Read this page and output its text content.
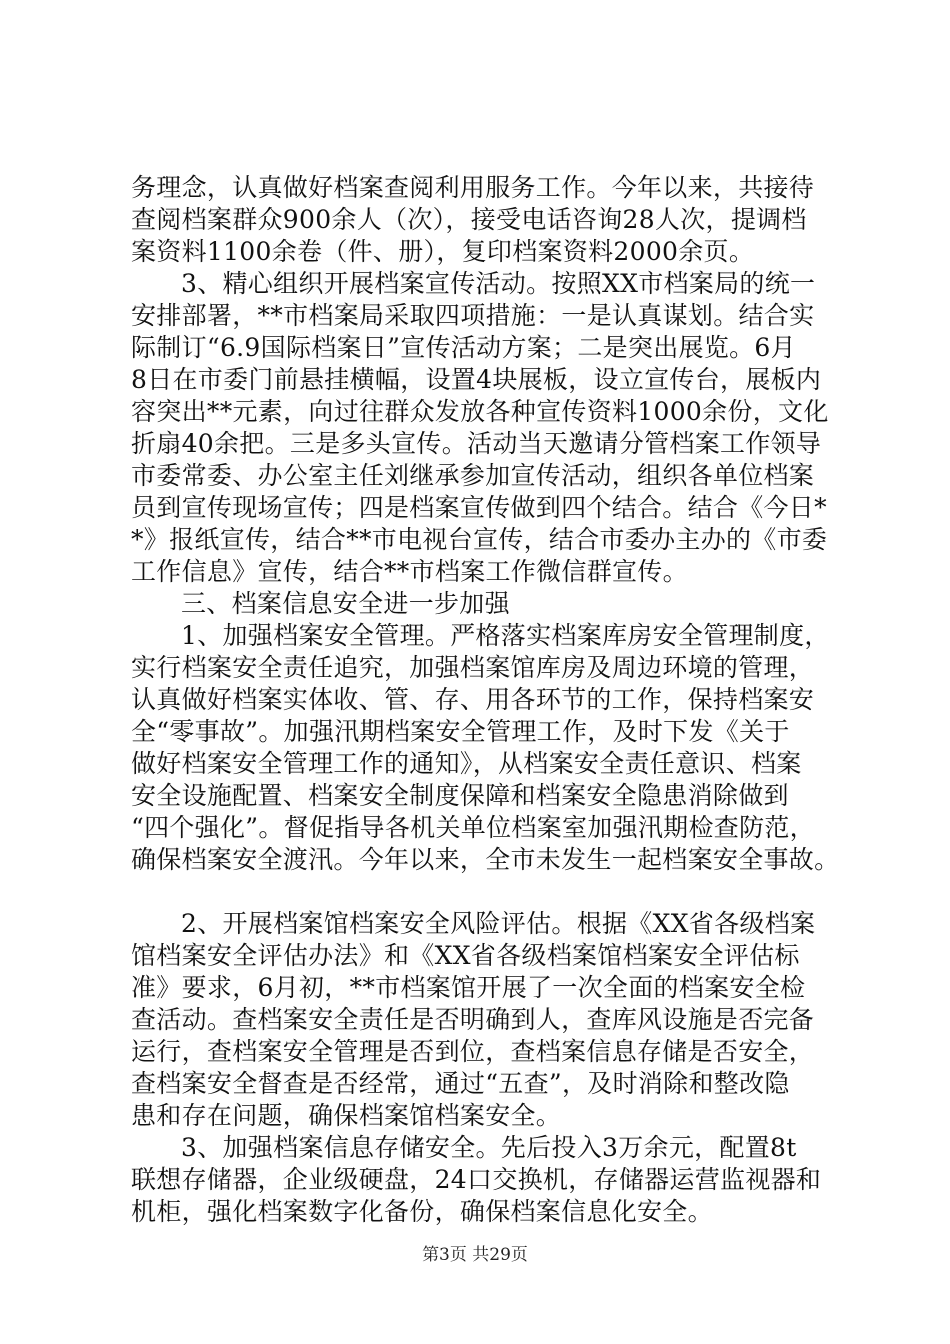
务理念，认真做好档案查阅利用服务工作。今年以来，共接待
查阅档案群众900余人（次），接受电话咨询28人次，提调档
案资料1100余卷（件、册），复印档案资料2000余页。
3、精心组织开展档案宣传活动。按照XX市档案局的统一
安排部署，**市档案局采取四项措施：一是认真谋划。结合实
际制订“6.9国际档案日”宣传活动方案；二是突出展览。6月
8日在市委门前悬挂横幅，设置4块展板，设立宣传台，展板内
容突出**元素，向过往群众发放各种宣传资料1000余份，文化
折扇40余把。三是多头宣传。活动当天邀请分管档案工作领导
市委常委、办公室主任刘继承参加宣传活动，组织各单位档案
员到宣传现场宣传；四是档案宣传做到四个结合。结合《今日*
*》报纸宣传，结合**市电视台宣传，结合市委办主办的《市委
工作信息》宣传，结合**市档案工作微信群宣传。
三、档案信息安全进一步加强
1、加强档案安全管理。严格落实档案库房安全管理制度，
实行档案安全责任追究，加强档案馆库房及周边环境的管理，
认真做好档案实体收、管、存、用各环节的工作，保持档案安
全“零事故”。加强汛期档案安全管理工作，及时下发《关于
做好档案安全管理工作的通知》，从档案安全责任意识、档案
安全设施配置、档案安全制度保障和档案安全隐患消除做到
“四个强化”。督促指导各机关单位档案室加强汛期检查防范，
确保档案安全渡汛。今年以来，全市未发生一起档案安全事故。
2、开展档案馆档案安全风险评估。根据《XX省各级档案
馆档案安全评估办法》和《XX省各级档案馆档案安全评估标
准》要求，6月初，**市档案馆开展了一次全面的档案安全检
查活动。查档案安全责任是否明确到人，查库风设施是否完备
运行，查档案安全管理是否到位，查档案信息存储是否安全，
查档案安全督查是否经常，通过“五查”，及时消除和整改隐
患和存在问题，确保档案馆档案安全。
3、加强档案信息存储安全。先后投入3万余元，配置8t
联想存储器，企业级硬盘，24口交换机，存储器运营监视器和
机柜，强化档案数字化备份，确保档案信息化安全。
第3页 共29页
